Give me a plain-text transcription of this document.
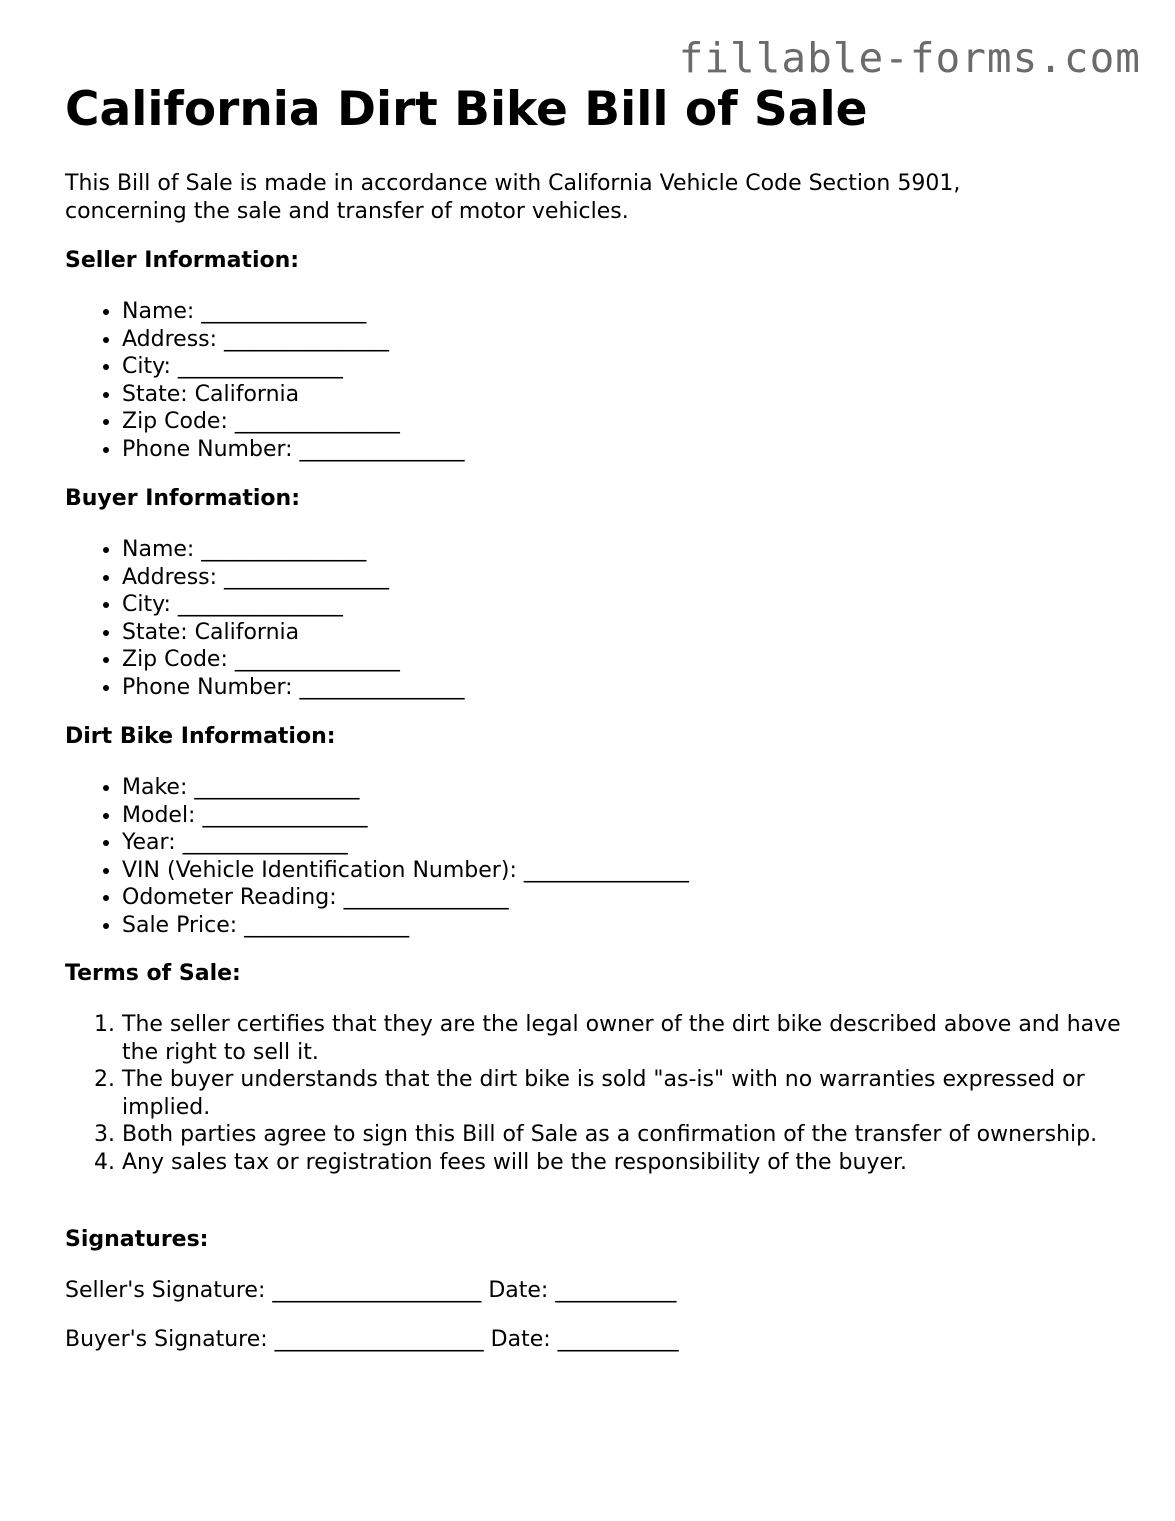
fillable-forms.com
California Dirt Bike Bill of Sale

This Bill of Sale is made in accordance with California Vehicle Code Section 5901, concerning the sale and transfer of motor vehicles.

Seller Information:

• Name: _______________
• Address: _______________
• City: _______________
• State: California
• Zip Code: _______________
• Phone Number: _______________

Buyer Information:

• Name: _______________
• Address: _______________
• City: _______________
• State: California
• Zip Code: _______________
• Phone Number: _______________

Dirt Bike Information:

• Make: _______________
• Model: _______________
• Year: _______________
• VIN (Vehicle Identification Number): _______________
• Odometer Reading: _______________
• Sale Price: _______________

Terms of Sale:

1. The seller certifies that they are the legal owner of the dirt bike described above and have the right to sell it.
2. The buyer understands that the dirt bike is sold "as-is" with no warranties expressed or implied.
3. Both parties agree to sign this Bill of Sale as a confirmation of the transfer of ownership.
4. Any sales tax or registration fees will be the responsibility of the buyer.

Signatures:

Seller's Signature: ___________________ Date: ___________

Buyer's Signature: ___________________ Date: ___________
